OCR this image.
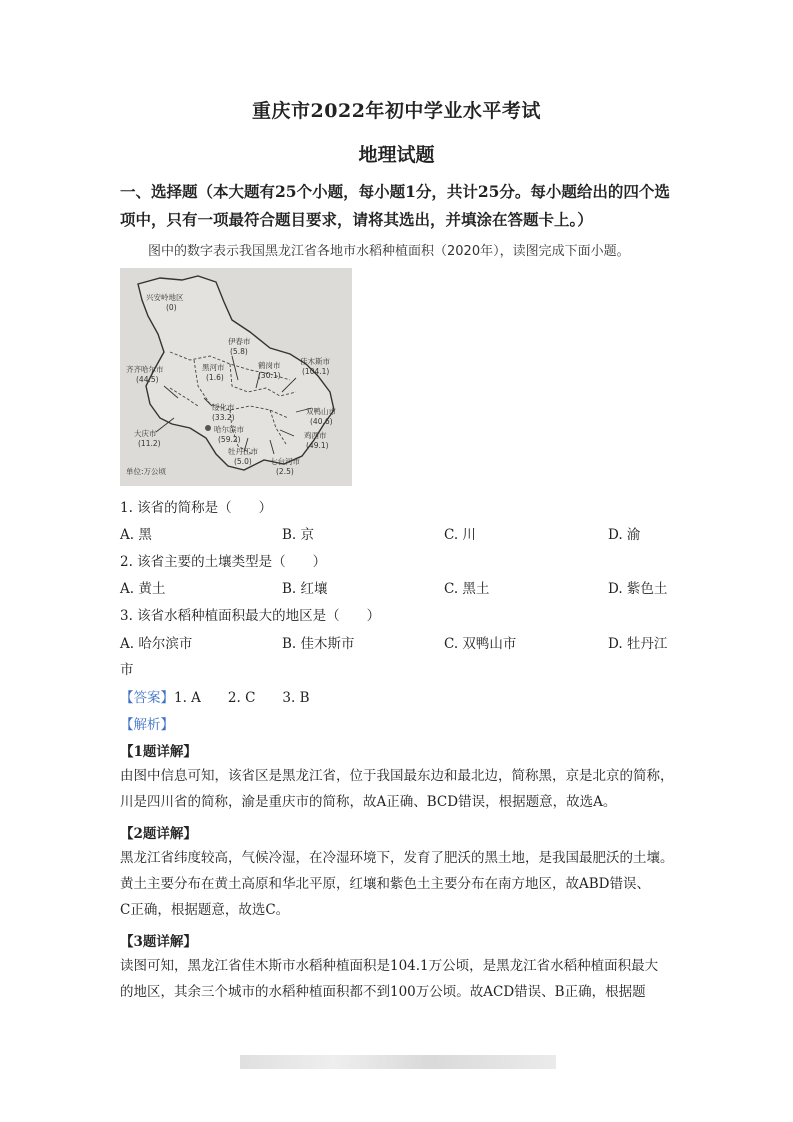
重庆市2022年初中学业水平考试
地理试题
一、选择题（本大题有25个小题，每小题1分，共计25分。每小题给出的四个选项中，只有一项最符合题目要求，请将其选出，并填涂在答题卡上。）
图中的数字表示我国黑龙江省各地市水稻种植面积（2020年），读图完成下面小题。
兴安岭地区
(0)
伊春市
(5.8)
佳木斯市
(104.1)
齐齐哈尔市
(44.5)
黑河市
(1.6)
鹤岗市
(30.1)
绥化市
(33.2)
双鸭山市
(40.6)
哈尔滨市
(59.2)
大庆市
(11.2)
鸡西市
(49.1)
牡丹江市
(5.0) 七台河市
(2.5)
单位:万公顷
1. 该省的简称是（　　）
A. 黑	B. 京	C. 川	D. 渝
2. 该省主要的土壤类型是（　　）
A. 黄土	B. 红壤	C. 黑土	D. 紫色土
3. 该省水稻种植面积最大的地区是（　　）
A. 哈尔滨市	B. 佳木斯市	C. 双鸭山市	D. 牡丹江
市
【答案】1. A　　2. C　　3. B
【解析】
【1题详解】
由图中信息可知，该省区是黑龙江省，位于我国最东边和最北边，简称黑，京是北京的简称，
川是四川省的简称，渝是重庆市的简称，故A正确、BCD错误，根据题意，故选A。
【2题详解】
黑龙江省纬度较高，气候冷湿，在冷湿环境下，发育了肥沃的黑土地，是我国最肥沃的土壤。
黄土主要分布在黄土高原和华北平原，红壤和紫色土主要分布在南方地区，故ABD错误、
C正确，根据题意，故选C。
【3题详解】
读图可知，黑龙江省佳木斯市水稻种植面积是104.1万公顷，是黑龙江省水稻种植面积最大
的地区，其余三个城市的水稻种植面积都不到100万公顷。故ACD错误、B正确，根据题
